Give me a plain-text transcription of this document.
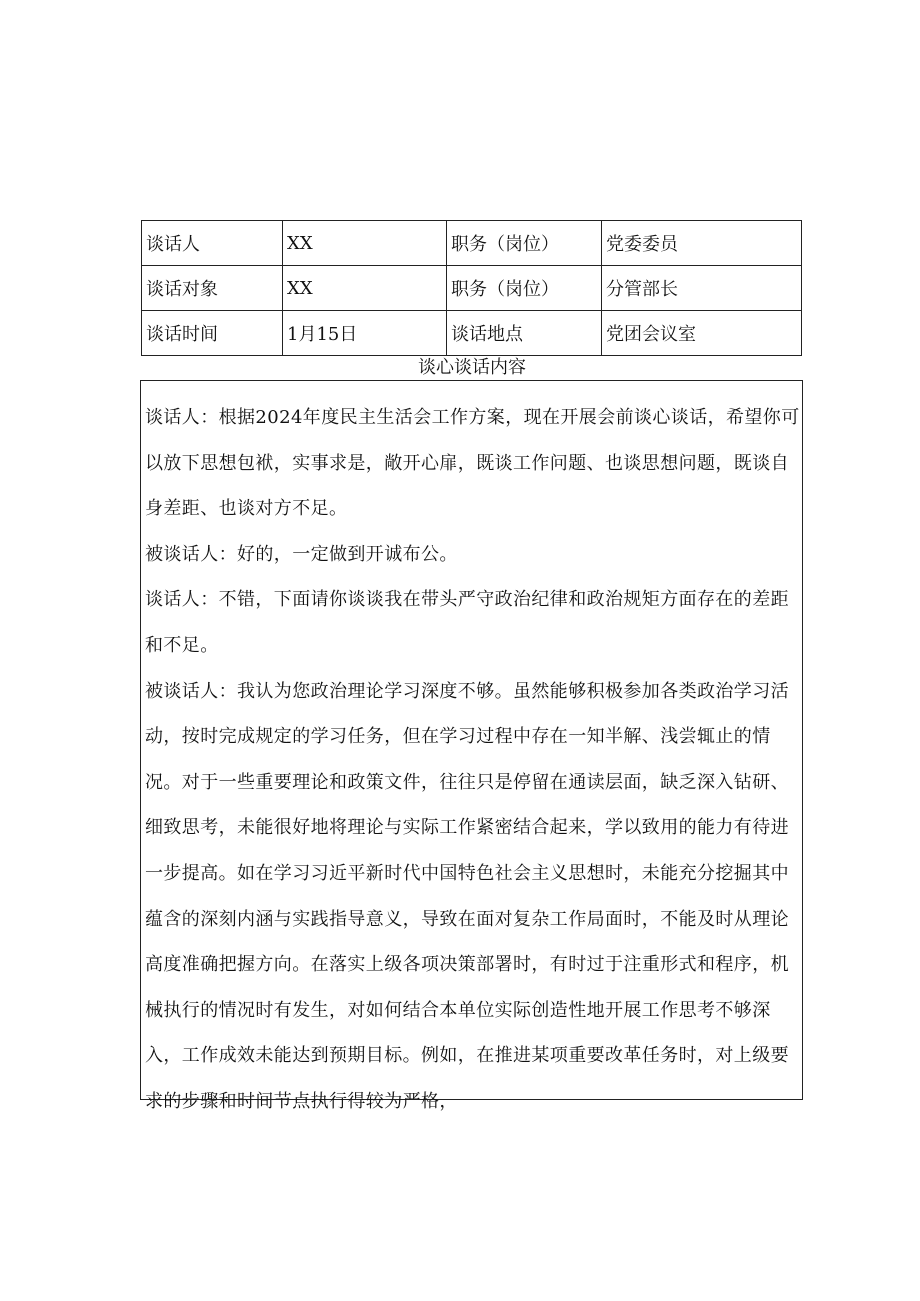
谈话人	XX	职务（岗位）	党委委员
谈话对象	XX	职务（岗位）	分管部长
谈话时间	1月15日	谈话地点	党团会议室
谈心谈话内容

谈话人：根据2024年度民主生活会工作方案，现在开展会前谈心谈话，希望你可以放下思想包袱，实事求是，敞开心扉，既谈工作问题、也谈思想问题，既谈自身差距、也谈对方不足。

被谈话人：好的，一定做到开诚布公。

谈话人：不错，下面请你谈谈我在带头严守政治纪律和政治规矩方面存在的差距和不足。

被谈话人：我认为您政治理论学习深度不够。虽然能够积极参加各类政治学习活动，按时完成规定的学习任务，但在学习过程中存在一知半解、浅尝辄止的情况。对于一些重要理论和政策文件，往往只是停留在通读层面，缺乏深入钻研、细致思考，未能很好地将理论与实际工作紧密结合起来，学以致用的能力有待进一步提高。如在学习习近平新时代中国特色社会主义思想时，未能充分挖掘其中蕴含的深刻内涵与实践指导意义，导致在面对复杂工作局面时，不能及时从理论高度准确把握方向。在落实上级各项决策部署时，有时过于注重形式和程序，机械执行的情况时有发生，对如何结合本单位实际创造性地开展工作思考不够深入，工作成效未能达到预期目标。例如，在推进某项重要改革任务时，对上级要求的步骤和时间节点执行得较为严格，
